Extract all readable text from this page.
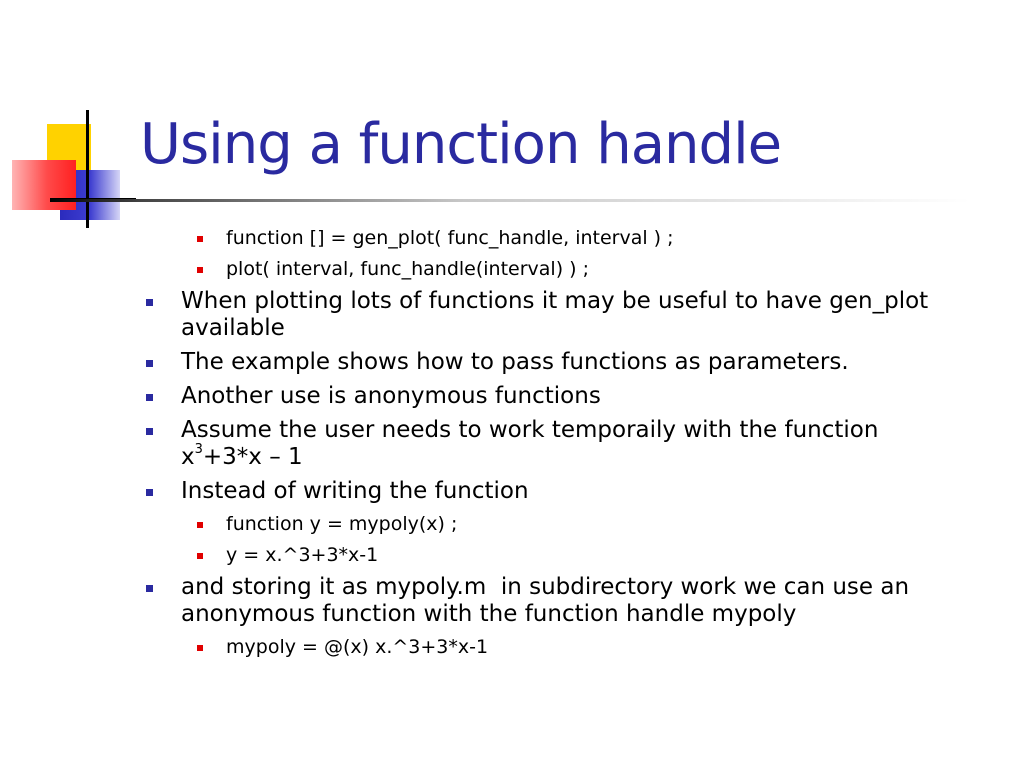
Using a function handle
function [] = gen_plot( func_handle, interval ) ;
plot( interval, func_handle(interval) ) ;
When plotting lots of functions it may be useful to have gen_plot available
The example shows how to pass functions as parameters.
Another use is anonymous functions
Assume the user needs to work temporaily with the function
$x^3+3*x - 1$
Instead of writing the function
function y = mypoly(x) ;
y = x.^3+3*x-1
and storing it as mypoly.m  in subdirectory work we can use an anonymous function with the function handle mypoly
mypoly = @(x) x.^3+3*x-1
